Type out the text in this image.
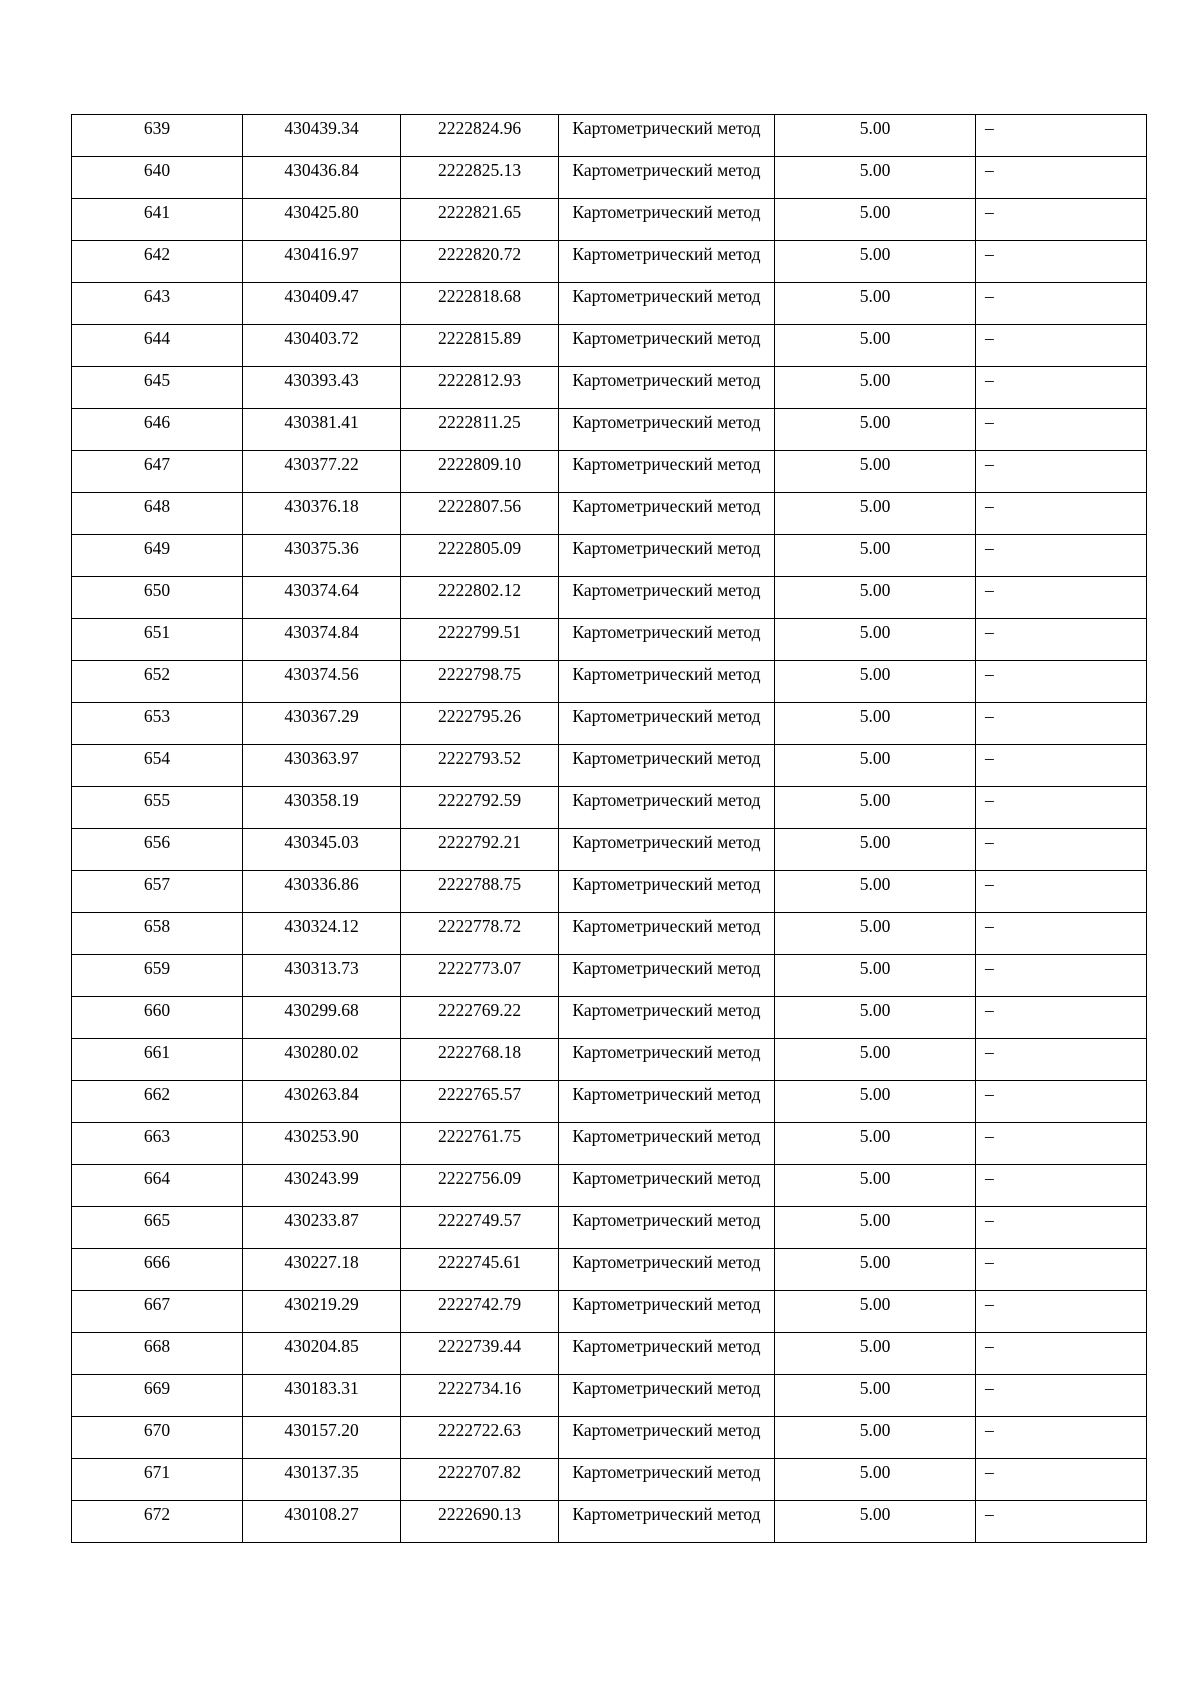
639	430439.34	2222824.96	Картометрический метод	5.00	–

640	430436.84	2222825.13	Картометрический метод	5.00	–

641	430425.80	2222821.65	Картометрический метод	5.00	–

642	430416.97	2222820.72	Картометрический метод	5.00	–

643	430409.47	2222818.68	Картометрический метод	5.00	–

644	430403.72	2222815.89	Картометрический метод	5.00	–

645	430393.43	2222812.93	Картометрический метод	5.00	–

646	430381.41	2222811.25	Картометрический метод	5.00	–

647	430377.22	2222809.10	Картометрический метод	5.00	–

648	430376.18	2222807.56	Картометрический метод	5.00	–

649	430375.36	2222805.09	Картометрический метод	5.00	–

650	430374.64	2222802.12	Картометрический метод	5.00	–

651	430374.84	2222799.51	Картометрический метод	5.00	–

652	430374.56	2222798.75	Картометрический метод	5.00	–

653	430367.29	2222795.26	Картометрический метод	5.00	–

654	430363.97	2222793.52	Картометрический метод	5.00	–

655	430358.19	2222792.59	Картометрический метод	5.00	–

656	430345.03	2222792.21	Картометрический метод	5.00	–

657	430336.86	2222788.75	Картометрический метод	5.00	–

658	430324.12	2222778.72	Картометрический метод	5.00	–

659	430313.73	2222773.07	Картометрический метод	5.00	–

660	430299.68	2222769.22	Картометрический метод	5.00	–

661	430280.02	2222768.18	Картометрический метод	5.00	–

662	430263.84	2222765.57	Картометрический метод	5.00	–

663	430253.90	2222761.75	Картометрический метод	5.00	–

664	430243.99	2222756.09	Картометрический метод	5.00	–

665	430233.87	2222749.57	Картометрический метод	5.00	–

666	430227.18	2222745.61	Картометрический метод	5.00	–

667	430219.29	2222742.79	Картометрический метод	5.00	–

668	430204.85	2222739.44	Картометрический метод	5.00	–

669	430183.31	2222734.16	Картометрический метод	5.00	–

670	430157.20	2222722.63	Картометрический метод	5.00	–

671	430137.35	2222707.82	Картометрический метод	5.00	–

672	430108.27	2222690.13	Картометрический метод	5.00	–
